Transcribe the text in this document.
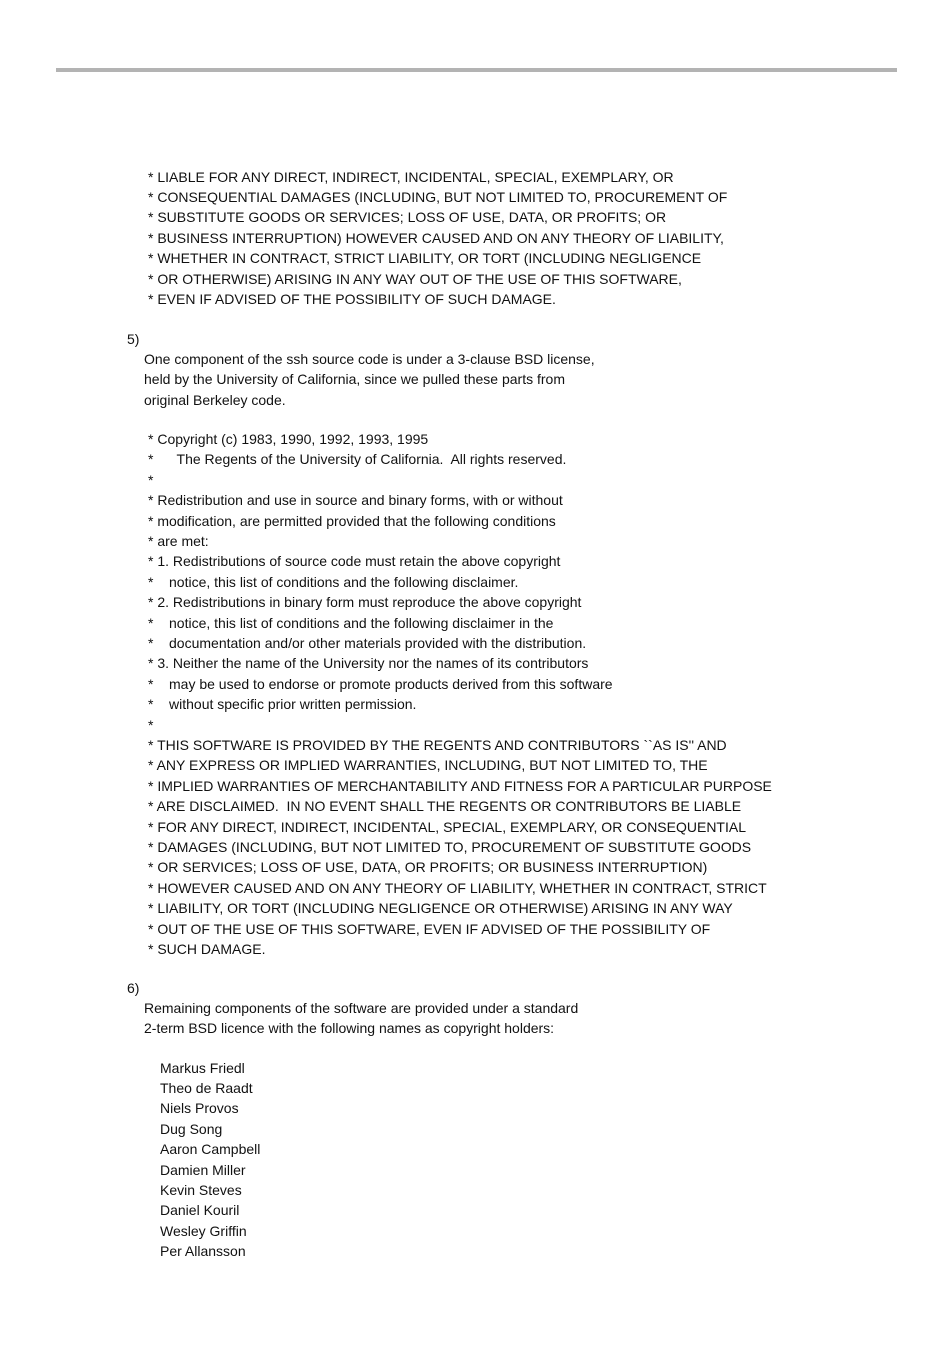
* LIABLE FOR ANY DIRECT, INDIRECT, INCIDENTAL, SPECIAL, EXEMPLARY, OR
* CONSEQUENTIAL DAMAGES (INCLUDING, BUT NOT LIMITED TO, PROCUREMENT OF
* SUBSTITUTE GOODS OR SERVICES; LOSS OF USE, DATA, OR PROFITS; OR
* BUSINESS INTERRUPTION) HOWEVER CAUSED AND ON ANY THEORY OF LIABILITY,
* WHETHER IN CONTRACT, STRICT LIABILITY, OR TORT (INCLUDING NEGLIGENCE
* OR OTHERWISE) ARISING IN ANY WAY OUT OF THE USE OF THIS SOFTWARE,
* EVEN IF ADVISED OF THE POSSIBILITY OF SUCH DAMAGE.
5)
One component of the ssh source code is under a 3-clause BSD license,
held by the University of California, since we pulled these parts from
original Berkeley code.
* Copyright (c) 1983, 1990, 1992, 1993, 1995
*      The Regents of the University of California.  All rights reserved.
*
* Redistribution and use in source and binary forms, with or without
* modification, are permitted provided that the following conditions
* are met:
* 1. Redistributions of source code must retain the above copyright
*    notice, this list of conditions and the following disclaimer.
* 2. Redistributions in binary form must reproduce the above copyright
*    notice, this list of conditions and the following disclaimer in the
*    documentation and/or other materials provided with the distribution.
* 3. Neither the name of the University nor the names of its contributors
*    may be used to endorse or promote products derived from this software
*    without specific prior written permission.
*
* THIS SOFTWARE IS PROVIDED BY THE REGENTS AND CONTRIBUTORS ``AS IS'' AND
* ANY EXPRESS OR IMPLIED WARRANTIES, INCLUDING, BUT NOT LIMITED TO, THE
* IMPLIED WARRANTIES OF MERCHANTABILITY AND FITNESS FOR A PARTICULAR PURPOSE
* ARE DISCLAIMED.  IN NO EVENT SHALL THE REGENTS OR CONTRIBUTORS BE LIABLE
* FOR ANY DIRECT, INDIRECT, INCIDENTAL, SPECIAL, EXEMPLARY, OR CONSEQUENTIAL
* DAMAGES (INCLUDING, BUT NOT LIMITED TO, PROCUREMENT OF SUBSTITUTE GOODS
* OR SERVICES; LOSS OF USE, DATA, OR PROFITS; OR BUSINESS INTERRUPTION)
* HOWEVER CAUSED AND ON ANY THEORY OF LIABILITY, WHETHER IN CONTRACT, STRICT
* LIABILITY, OR TORT (INCLUDING NEGLIGENCE OR OTHERWISE) ARISING IN ANY WAY
* OUT OF THE USE OF THIS SOFTWARE, EVEN IF ADVISED OF THE POSSIBILITY OF
* SUCH DAMAGE.
6)
Remaining components of the software are provided under a standard
2-term BSD licence with the following names as copyright holders:
Markus Friedl
Theo de Raadt
Niels Provos
Dug Song
Aaron Campbell
Damien Miller
Kevin Steves
Daniel Kouril
Wesley Griffin
Per Allansson
